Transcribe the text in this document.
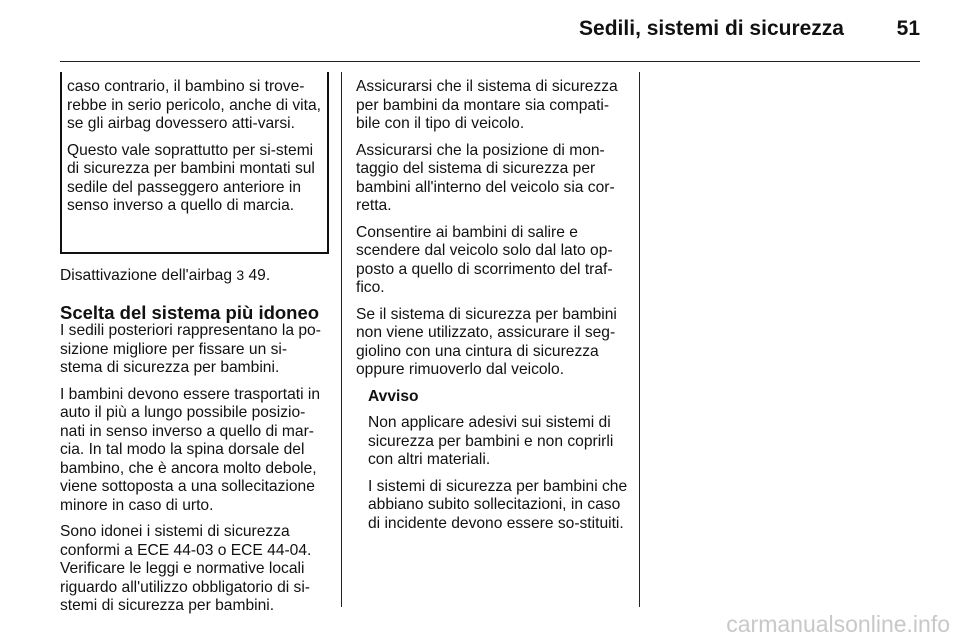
Sedili, sistemi di sicurezza	51

caso contrario, il bambino si trove-rebbe in serio pericolo, anche di vita, se gli airbag dovessero atti-varsi.

Questo vale soprattutto per si-stemi di sicurezza per bambini montati sul sedile del passeggero anteriore in senso inverso a quello di marcia.

Disattivazione dell'airbag 3 49.

Scelta del sistema più idoneo

I sedili posteriori rappresentano la po-sizione migliore per fissare un si-stema di sicurezza per bambini.

I bambini devono essere trasportati in auto il più a lungo possibile posizio-nati in senso inverso a quello di mar-cia. In tal modo la spina dorsale del bambino, che è ancora molto debole, viene sottoposta a una sollecitazione minore in caso di urto.

Sono idonei i sistemi di sicurezza conformi a ECE 44-03 o ECE 44-04. Verificare le leggi e normative locali riguardo all'utilizzo obbligatorio di si-stemi di sicurezza per bambini.

Assicurarsi che il sistema di sicurezza per bambini da montare sia compati-bile con il tipo di veicolo.

Assicurarsi che la posizione di mon-taggio del sistema di sicurezza per bambini all'interno del veicolo sia cor-retta.

Consentire ai bambini di salire e scendere dal veicolo solo dal lato op-posto a quello di scorrimento del traf-fico.

Se il sistema di sicurezza per bambini non viene utilizzato, assicurare il seg-giolino con una cintura di sicurezza oppure rimuoverlo dal veicolo.

Avviso

Non applicare adesivi sui sistemi di sicurezza per bambini e non coprirli con altri materiali.

I sistemi di sicurezza per bambini che abbiano subito sollecitazioni, in caso di incidente devono essere so-stituiti.

carmanualsonline.info
